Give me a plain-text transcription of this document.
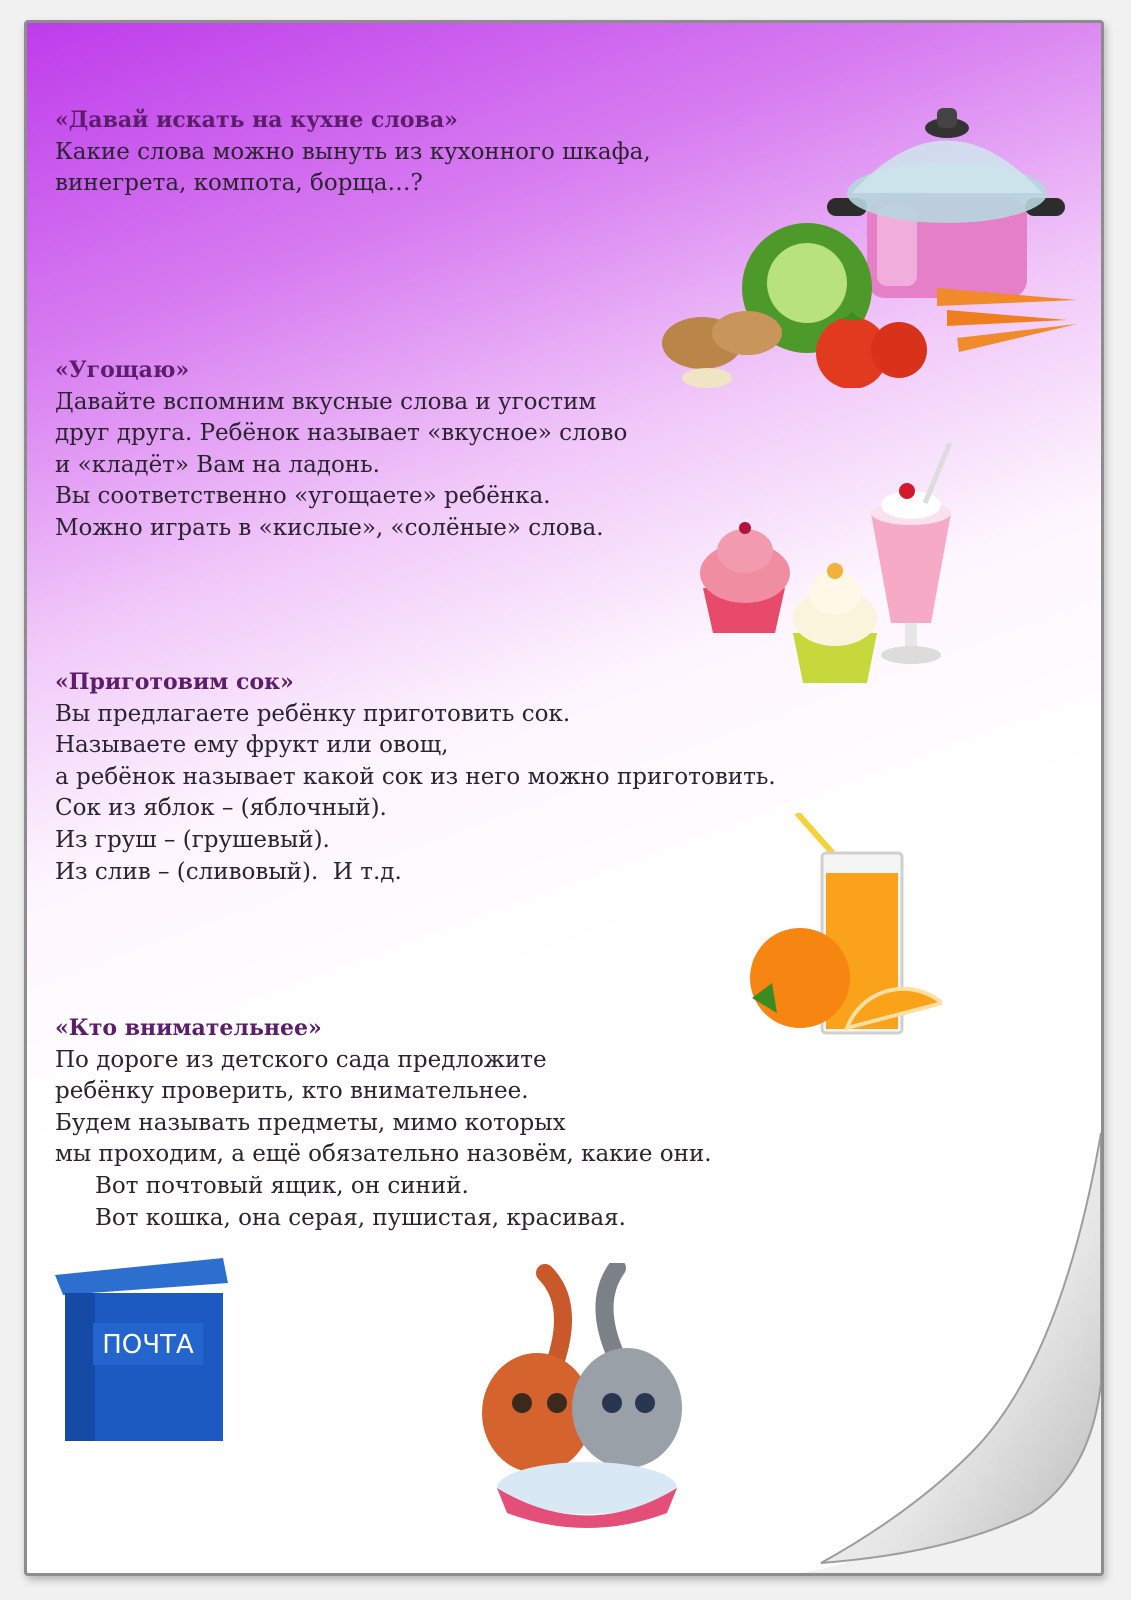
«Давай искать на кухне слова»

Какие слова можно вынуть из кухонного шкафа,

винегрета, компота, борща…?

«Угощаю»

Давайте вспомним вкусные слова и угостим

друг друга. Ребёнок называет «вкусное» слово

и «кладёт» Вам на ладонь.

Вы соответственно «угощаете» ребёнка.

Можно играть в «кислые», «солёные» слова.

«Приготовим сок»

Вы предлагаете ребёнку приготовить сок.

Называете ему фрукт или овощ,

а ребёнок называет какой сок из него можно приготовить.

Сок из яблок – (яблочный).

Из груш – (грушевый).

Из слив – (сливовый).  И т.д.

«Кто внимательнее»

По дороге из детского сада предложите

ребёнку проверить, кто внимательнее.

Будем называть предметы, мимо которых

мы проходим, а ещё обязательно назовём, какие они.

Вот почтовый ящик, он синий.

Вот кошка, она серая, пушистая, красивая.

ПОЧТА
